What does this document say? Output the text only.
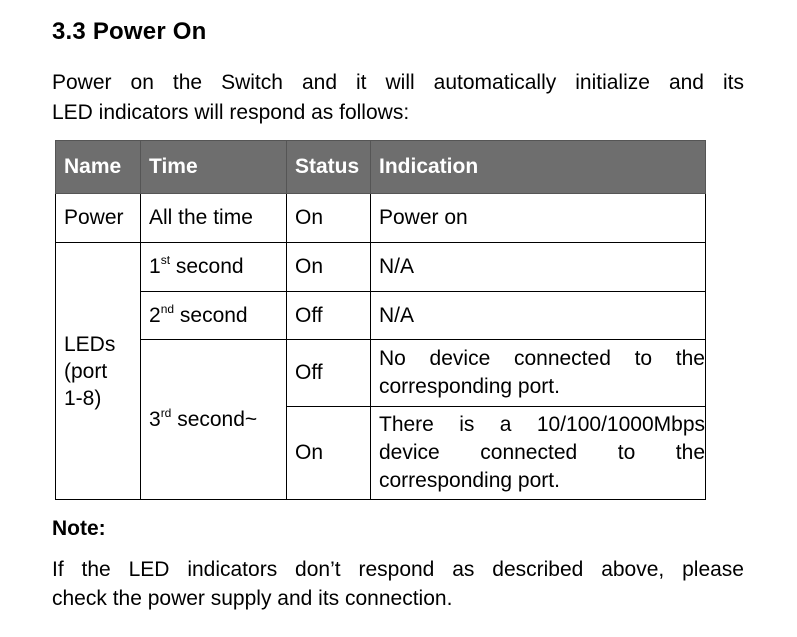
3.3 Power On
Power on the Switch and it will automatically initialize and its
LED indicators will respond as follows:
Name	Time	Status	Indication
Power	All the time	On	Power on

LEDs
(port
1-8)	1st second	On	N/A
	2nd second	Off	N/A
	3rd second~	Off	No device connected to the
corresponding port.

		On	There is a 10/100/1000Mbps
device connected to the
corresponding port.
Note:
If the LED indicators don’t respond as described above, please
check the power supply and its connection.
